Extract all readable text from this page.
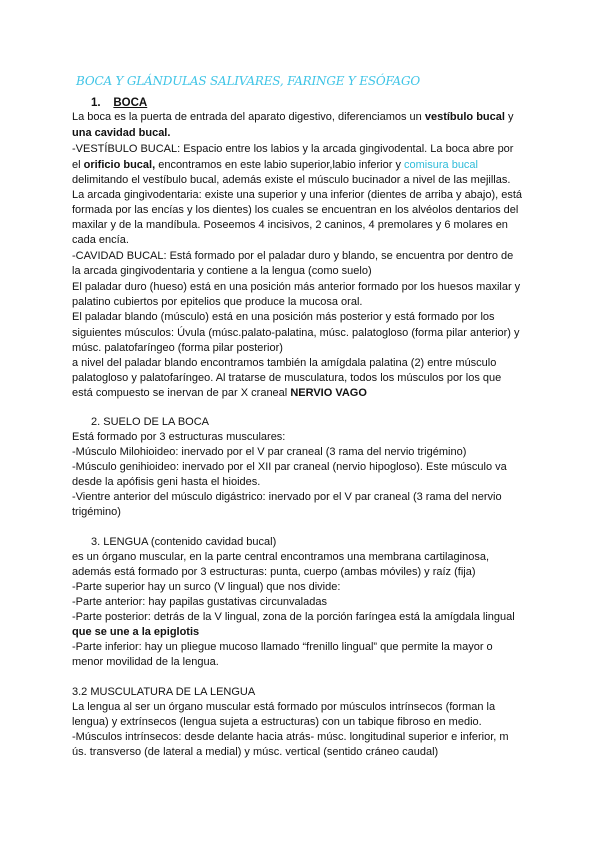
BOCA Y GLÁNDULAS SALIVARES, FARINGE Y ESÓFAGO
1. BOCA
La boca es la puerta de entrada del aparato digestivo, diferenciamos un vestíbulo bucal y
una cavidad bucal.
-VESTÍBULO BUCAL: Espacio entre los labios y la arcada gingivodental. La boca abre por
el orificio bucal, encontramos en este labio superior,labio inferior y comisura bucal
delimitando el vestíbulo bucal, además existe el músculo bucinador a nivel de las mejillas.
La arcada gingivodentaria: existe una superior y una inferior (dientes de arriba y abajo), está
formada por las encías y los dientes) los cuales se encuentran en los alvéolos dentarios del
maxilar y de la mandíbula. Poseemos 4 incisivos, 2 caninos, 4 premolares y 6 molares en
cada encía.
-CAVIDAD BUCAL: Está formado por el paladar duro y blando, se encuentra por dentro de
la arcada gingivodentaria y contiene a la lengua (como suelo)
El paladar duro (hueso) está en una posición más anterior formado por los huesos maxilar y
palatino cubiertos por epitelios que produce la mucosa oral.
El paladar blando (músculo) está en una posición más posterior y está formado por los
siguientes músculos: Úvula (músc.palato-palatina, músc. palatogloso (forma pilar anterior) y
músc. palatofaríngeo (forma pilar posterior)
a nivel del paladar blando encontramos también la amígdala palatina (2) entre músculo
palatogloso y palatofaríngeo. Al tratarse de musculatura, todos los músculos por los que
está compuesto se inervan de par X craneal NERVIO VAGO
2. SUELO DE LA BOCA
Está formado por 3 estructuras musculares:
-Músculo Milohioideo: inervado por el V par craneal (3 rama del nervio trigémino)
-Músculo genihioideo: inervado por el XII par craneal (nervio hipogloso). Este músculo va
desde la apófisis geni hasta el hioides.
-Vientre anterior del músculo digástrico: inervado por el V par craneal (3 rama del nervio
trigémino)
3. LENGUA (contenido cavidad bucal)
es un órgano muscular, en la parte central encontramos una membrana cartilaginosa,
además está formado por 3 estructuras: punta, cuerpo (ambas móviles) y raíz (fija)
-Parte superior hay un surco (V lingual) que nos divide:
-Parte anterior: hay papilas gustativas circunvaladas
-Parte posterior: detrás de la V lingual, zona de la porción faríngea está la amígdala lingual
que se une a la epiglotis
-Parte inferior: hay un pliegue mucoso llamado “frenillo lingual” que permite la mayor o
menor movilidad de la lengua.
3.2 MUSCULATURA DE LA LENGUA
La lengua al ser un órgano muscular está formado por músculos intrínsecos (forman la
lengua) y extrínsecos (lengua sujeta a estructuras) con un tabique fibroso en medio.
-Músculos intrínsecos: desde delante hacia atrás- músc. longitudinal superior e inferior, m
ús. transverso (de lateral a medial) y músc. vertical (sentido cráneo caudal)
